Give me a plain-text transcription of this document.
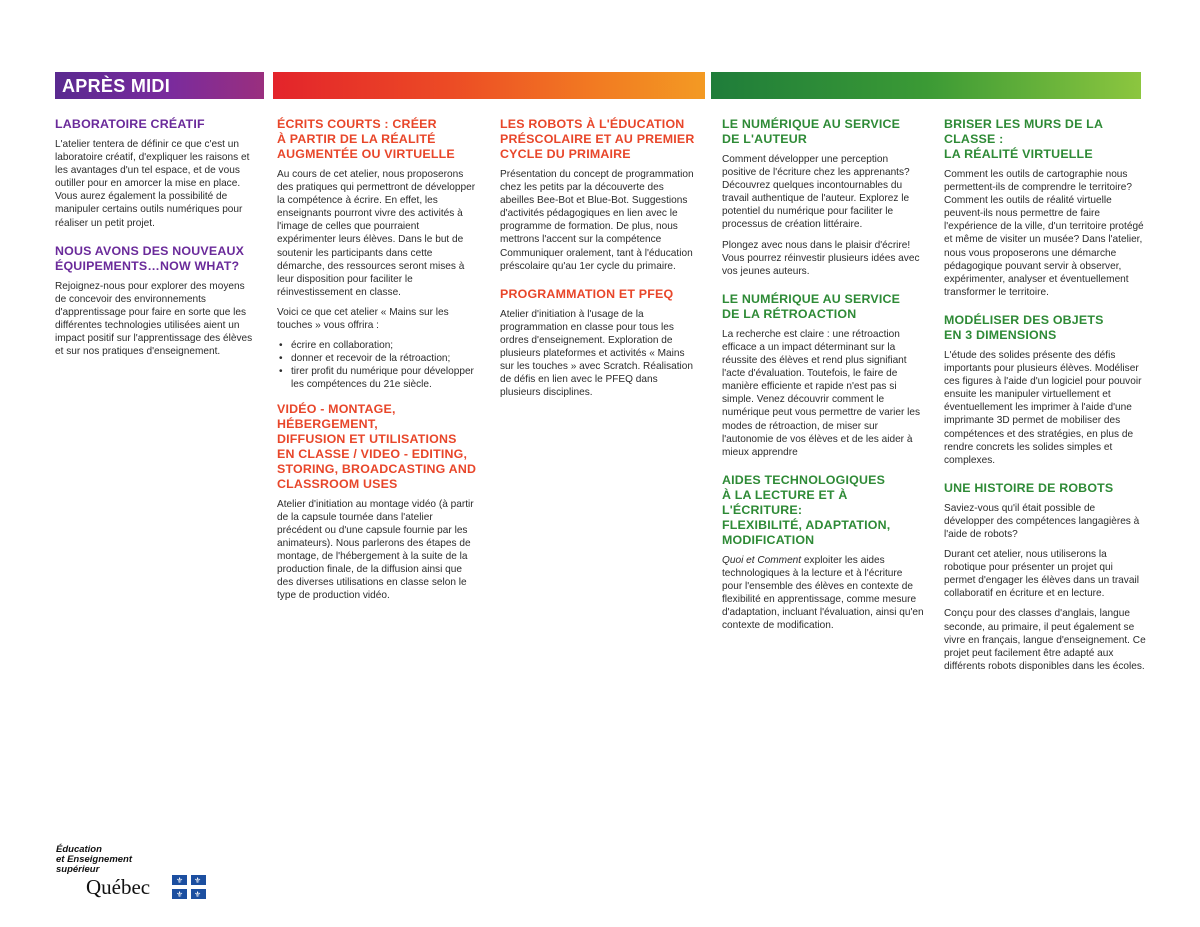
APRÈS MIDI
LABORATOIRE CRÉATIF

L'atelier tentera de définir ce que c'est un laboratoire créatif, d'expliquer les raisons et les avantages d'un tel espace, et de vous outiller pour en amorcer la mise en place. Vous aurez également la possibilité de manipuler certains outils numériques pour réaliser un petit projet.

NOUS AVONS DES NOUVEAUX
ÉQUIPEMENTS…NOW WHAT?

Rejoignez-nous pour explorer des moyens de concevoir des environnements d'apprentissage pour faire en sorte que les différentes technologies utilisées aient un impact positif sur l'apprentissage des élèves et sur nos pratiques d'enseignement.

ÉCRITS COURTS : CRÉER
À PARTIR DE LA RÉALITÉ
AUGMENTÉE OU VIRTUELLE

Au cours de cet atelier, nous proposerons des pratiques qui permettront de développer la compétence à écrire. En effet, les enseignants pourront vivre des activités à l'image de celles que pourraient expérimenter leurs élèves. Dans le but de soutenir les participants dans cette démarche, des ressources seront mises à leur disposition pour faciliter le réinvestissement en classe.

Voici ce que cet atelier « Mains sur les touches » vous offrira :

• écrire en collaboration;
• donner et recevoir de la rétroaction;
• tirer profit du numérique pour développer les compétences du 21e siècle.
VIDÉO - MONTAGE, HÉBERGEMENT,
DIFFUSION ET UTILISATIONS
EN CLASSE / VIDEO - EDITING,
STORING, BROADCASTING AND
CLASSROOM USES

Atelier d'initiation au montage vidéo (à partir de la capsule tournée dans l'atelier précédent ou d'une capsule fournie par les animateurs). Nous parlerons des étapes de montage, de l'hébergement à la suite de la production finale, de la diffusion ainsi que des diverses utilisations en classe selon le type de production vidéo.

LES ROBOTS À L'ÉDUCATION
PRÉSCOLAIRE ET AU PREMIER
CYCLE DU PRIMAIRE

Présentation du concept de programmation chez les petits par la découverte des abeilles Bee-Bot et Blue-Bot. Suggestions d'activités pédagogiques en lien avec le programme de formation. De plus, nous mettrons l'accent sur la compétence Communiquer oralement, tant à l'éducation préscolaire qu'au 1er cycle du primaire.

PROGRAMMATION ET PFEQ

Atelier d'initiation à l'usage de la programmation en classe pour tous les ordres d'enseignement. Exploration de plusieurs plateformes et activités « Mains sur les touches » avec Scratch. Réalisation de défis en lien avec le PFEQ dans plusieurs disciplines.

LE NUMÉRIQUE AU SERVICE
DE L'AUTEUR

Comment développer une perception positive de l'écriture chez les apprenants? Découvrez quelques incontournables du travail authentique de l'auteur. Explorez le potentiel du numérique pour faciliter le processus de création littéraire.

Plongez avec nous dans le plaisir d'écrire! Vous pourrez réinvestir plusieurs idées avec vos jeunes auteurs.

LE NUMÉRIQUE AU SERVICE
DE LA RÉTROACTION

La recherche est claire : une rétroaction efficace a un impact déterminant sur la réussite des élèves et rend plus signifiant l'acte d'évaluation. Toutefois, le faire de manière efficiente et rapide n'est pas si simple. Venez découvrir comment le numérique peut vous permettre de varier les modes de rétroaction, de miser sur l'autonomie de vos élèves et de les aider à mieux apprendre

AIDES TECHNOLOGIQUES
À LA LECTURE ET À L'ÉCRITURE:
FLEXIBILITÉ, ADAPTATION,
MODIFICATION

Quoi et Comment exploiter les aides technologiques à la lecture et à l'écriture pour l'ensemble des élèves en contexte de flexibilité en apprentissage, comme mesure d'adaptation, incluant l'évaluation, ainsi qu'en contexte de modification.

BRISER LES MURS DE LA CLASSE :
LA RÉALITÉ VIRTUELLE

Comment les outils de cartographie nous permettent-ils de comprendre le territoire? Comment les outils de réalité virtuelle peuvent-ils nous permettre de faire l'expérience de la ville, d'un territoire protégé et même de visiter un musée? Dans l'atelier, nous vous proposerons une démarche pédagogique pouvant servir à observer, expérimenter, analyser et éventuellement transformer le territoire.

MODÉLISER DES OBJETS
EN 3 DIMENSIONS

L'étude des solides présente des défis importants pour plusieurs élèves. Modéliser ces figures à l'aide d'un logiciel pour pouvoir ensuite les manipuler virtuellement et éventuellement les imprimer à l'aide d'une imprimante 3D permet de mobiliser des compétences et des stratégies, en plus de rendre concrets les solides simples et complexes.

UNE HISTOIRE DE ROBOTS

Saviez-vous qu'il était possible de développer des compétences langagières à l'aide de robots?

Durant cet atelier, nous utiliserons la robotique pour présenter un projet qui permet d'engager les élèves dans un travail collaboratif en écriture et en lecture.

Conçu pour des classes d'anglais, langue seconde, au primaire, il peut également se vivre en français, langue d'enseignement. Ce projet peut facilement être adapté aux différents robots disponibles dans les écoles.

Éducation
et Enseignement
supérieur
Québec	⚜ ⚜
⚜ ⚜
